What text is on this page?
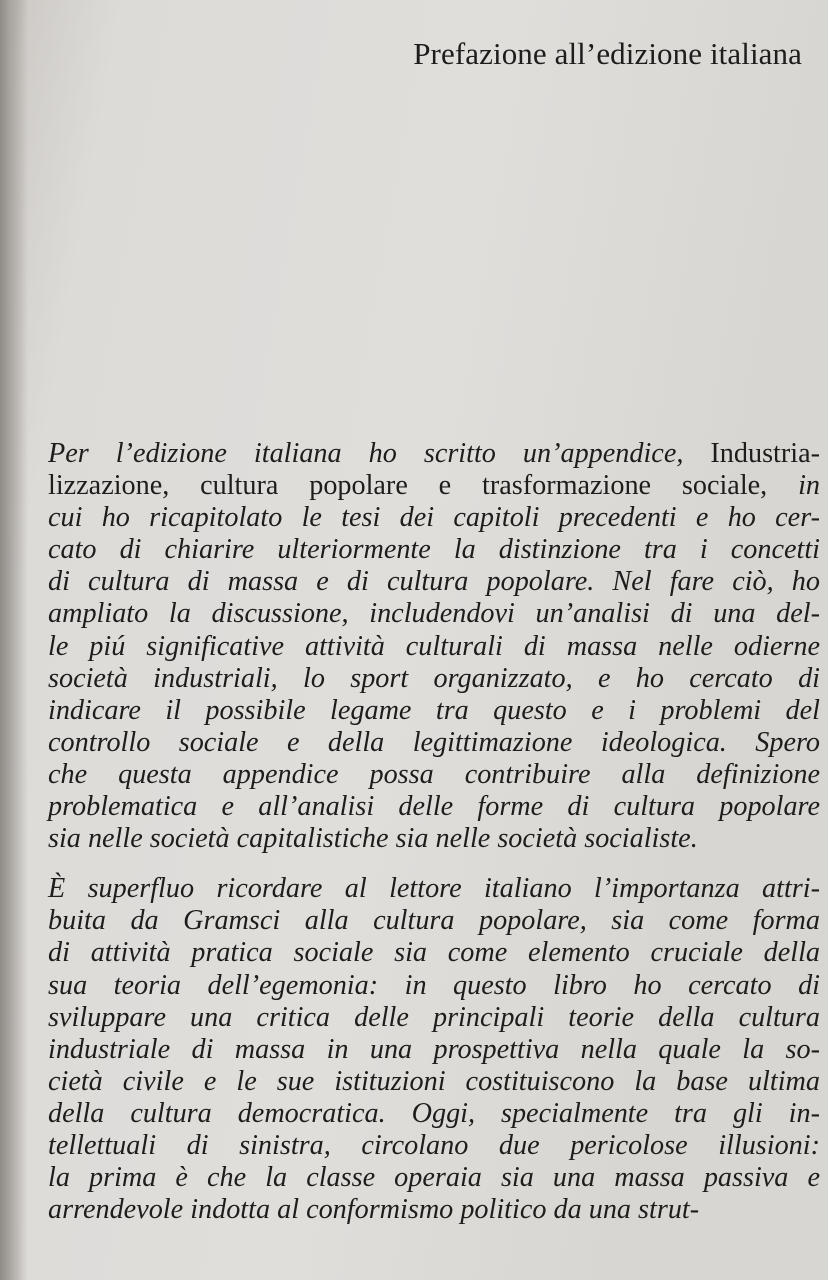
Prefazione all’edizione italiana
Per l’edizione italiana ho scritto un’appendice, Industria-
lizzazione, cultura popolare e trasformazione sociale, in
cui ho ricapitolato le tesi dei capitoli precedenti e ho cer-
cato di chiarire ulteriormente la distinzione tra i concetti
di cultura di massa e di cultura popolare. Nel fare ciò, ho
ampliato la discussione, includendovi un’analisi di una del-
le piú significative attività culturali di massa nelle odierne
società industriali, lo sport organizzato, e ho cercato di
indicare il possibile legame tra questo e i problemi del
controllo sociale e della legittimazione ideologica. Spero
che questa appendice possa contribuire alla definizione
problematica e all’analisi delle forme di cultura popolare
sia nelle società capitalistiche sia nelle società socialiste.
È superfluo ricordare al lettore italiano l’importanza attri-
buita da Gramsci alla cultura popolare, sia come forma
di attività pratica sociale sia come elemento cruciale della
sua teoria dell’egemonia: in questo libro ho cercato di
sviluppare una critica delle principali teorie della cultura
industriale di massa in una prospettiva nella quale la so-
cietà civile e le sue istituzioni costituiscono la base ultima
della cultura democratica. Oggi, specialmente tra gli in-
tellettuali di sinistra, circolano due pericolose illusioni:
la prima è che la classe operaia sia una massa passiva e
arrendevole indotta al conformismo politico da una strut-
